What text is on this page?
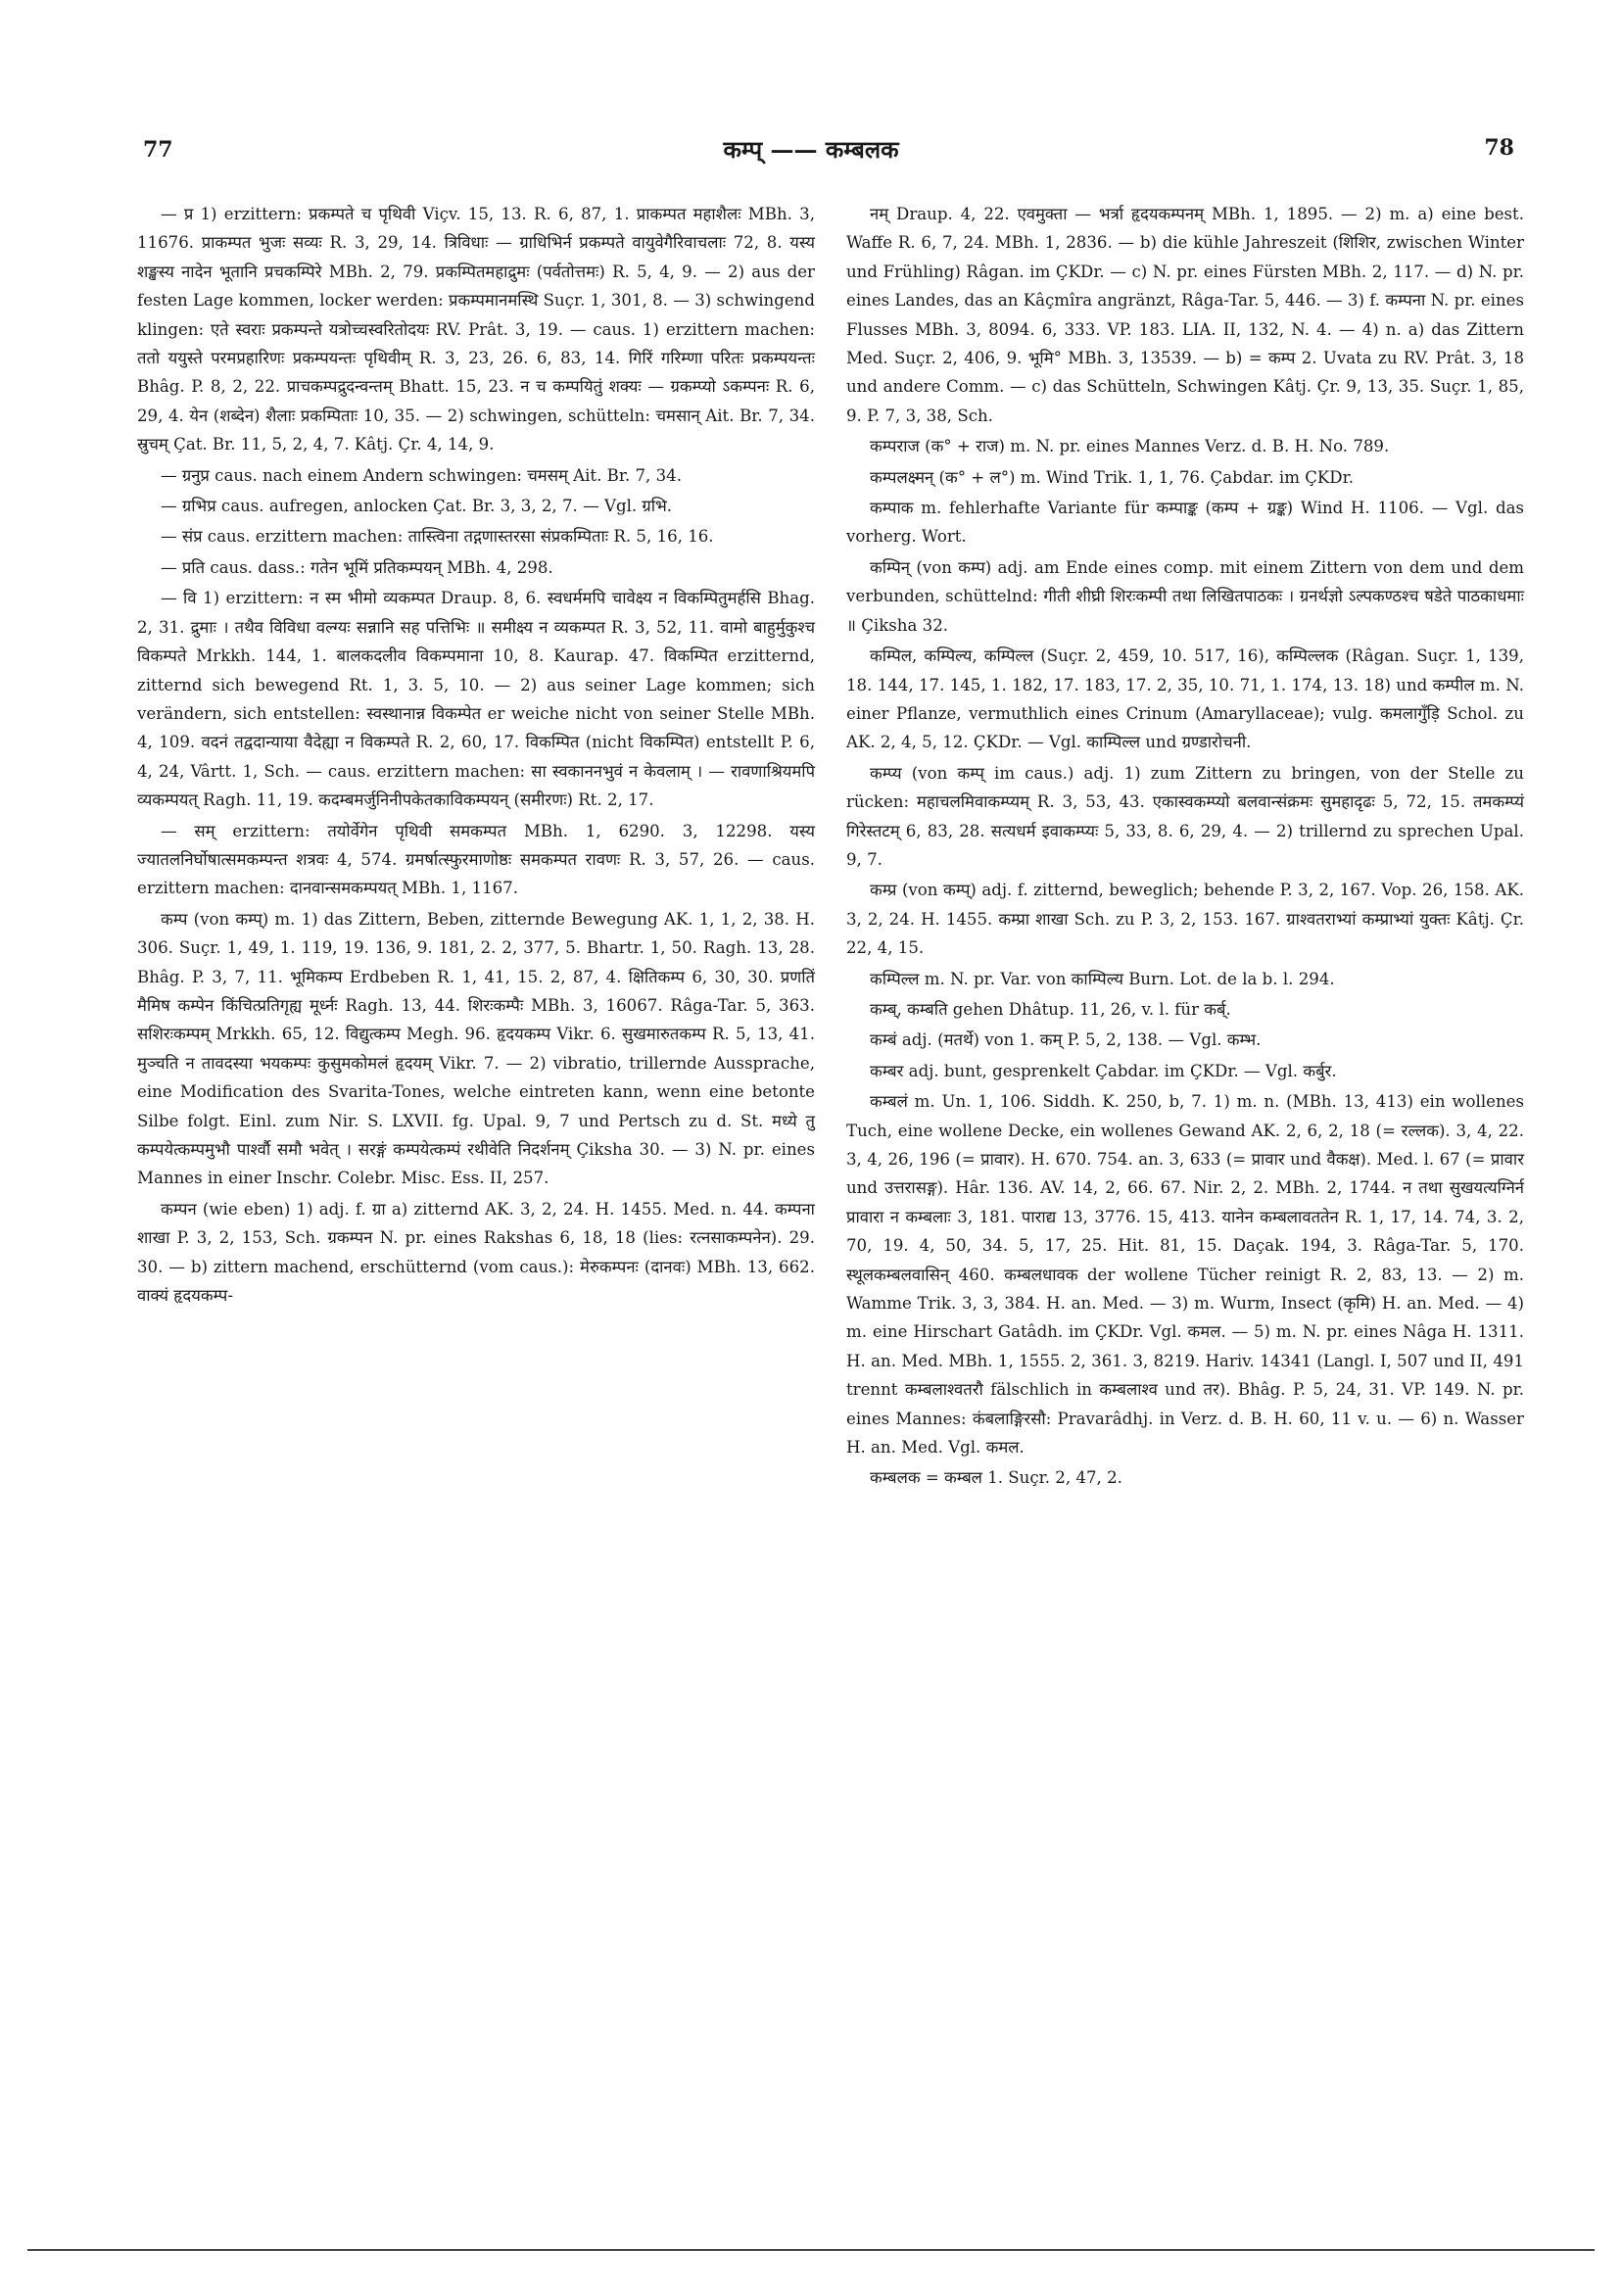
77	कम्प् —— कम्बलक	78

— प्र 1) erzittern: प्रकम्पते च पृथिवी Viçv. 15, 13. R. 6, 87, 1. प्राकम्पत महाशैलः MBh. 3, 11676. प्राकम्पत भुजः सव्यः R. 3, 29, 14. त्रिविधाः — ग्राधिभिर्न प्रकम्पते वायुवेगैरिवाचलाः 72, 8. यस्य शङ्खस्य नादेन भूतानि प्रचकम्पिरे MBh. 2, 79. प्रकम्पितमहाद्रुमः (पर्वतोत्तमः) R. 5, 4, 9. — 2) aus der festen Lage kommen, locker werden: प्रकम्पमानमस्थि Suçr. 1, 301, 8. — 3) schwingend klingen: एते स्वराः प्रकम्पन्ते यत्रोच्चस्वरितोदयः RV. Prât. 3, 19. — caus. 1) erzittern machen: ततो ययुस्ते परमप्रहारिणः प्रकम्पयन्तः पृथिवीम् R. 3, 23, 26. 6, 83, 14. गिरिं गरिम्णा परितः प्रकम्पयन्तः Bhâg. P. 8, 2, 22. प्राचकम्पद्रुदन्वन्तम् Bhatt. 15, 23. न च कम्पयितुं शक्यः — ग्रकम्प्यो ऽकम्पनः R. 6, 29, 4. येन (शब्देन) शैलाः प्रकम्पिताः 10, 35. — 2) schwingen, schütteln: चमसान् Ait. Br. 7, 34. स्रुचम् Çat. Br. 11, 5, 2, 4, 7. Kâtj. Çr. 4, 14, 9.

— ग्रनुप्र caus. nach einem Andern schwingen: चमसम् Ait. Br. 7, 34.

— ग्रभिप्र caus. aufregen, anlocken Çat. Br. 3, 3, 2, 7. — Vgl. ग्रभि.

— संप्र caus. erzittern machen: तास्त्विना तद्गणास्तरसा संप्रकम्पिताः R. 5, 16, 16.

— प्रति caus. dass.: गतेन भूमिं प्रतिकम्पयन् MBh. 4, 298.

— वि 1) erzittern: न स्म भीमो व्यकम्पत Draup. 8, 6. स्वधर्ममपि चावेक्ष्य न विकम्पितुमर्हसि Bhag. 2, 31. द्रुमाः । तथैव विविधा वल्ग्यः सन्नानि सह पत्तिभिः ॥ समीक्ष्य न व्यकम्पत R. 3, 52, 11. वामो बाहुर्मुकुश्च विकम्पते Mrkkh. 144, 1. बालकदलीव विकम्पमाना 10, 8. Kaurap. 47. विकम्पित erzitternd, zitternd sich bewegend Rt. 1, 3. 5, 10. — 2) aus seiner Lage kommen; sich verändern, sich entstellen: स्वस्थानान्न विकम्पेत er weiche nicht von seiner Stelle MBh. 4, 109. वदनं तद्वदान्याया वैदेह्या न विकम्पते R. 2, 60, 17. विकम्पित (nicht विकम्पित) entstellt P. 6, 4, 24, Vârtt. 1, Sch. — caus. erzittern machen: सा स्वकाननभुवं न केवलाम् । — रावणाश्रियमपि व्यकम्पयत् Ragh. 11, 19. कदम्बमर्जुनिनीपकेतकाविकम्पयन् (समीरणः) Rt. 2, 17.

— सम् erzittern: तयोर्वेगेन पृथिवी समकम्पत MBh. 1, 6290. 3, 12298. यस्य ज्यातलनिर्घोषात्समकम्पन्त शत्रवः 4, 574. ग्रमर्षात्स्फुरमाणोष्ठः समकम्पत रावणः R. 3, 57, 26. — caus. erzittern machen: दानवान्समकम्पयत् MBh. 1, 1167.

कम्प (von कम्प्) m. 1) das Zittern, Beben, zitternde Bewegung AK. 1, 1, 2, 38. H. 306. Suçr. 1, 49, 1. 119, 19. 136, 9. 181, 2. 2, 377, 5. Bhartr. 1, 50. Ragh. 13, 28. Bhâg. P. 3, 7, 11. भूमिकम्प Erdbeben R. 1, 41, 15. 2, 87, 4. क्षितिकम्प 6, 30, 30. प्रणतिं मैमिष कम्पेन किंचित्प्रतिगृह्य मूर्ध्नः Ragh. 13, 44. शिरःकम्पैः MBh. 3, 16067. Râga-Tar. 5, 363. सशिरःकम्पम् Mrkkh. 65, 12. विद्युत्कम्प Megh. 96. हृदयकम्प Vikr. 6. सुखमारुतकम्प R. 5, 13, 41. मुञ्चति न तावदस्या भयकम्पः कुसुमकोमलं हृदयम् Vikr. 7. — 2) vibratio, trillernde Aussprache, eine Modification des Svarita-Tones, welche eintreten kann, wenn eine betonte Silbe folgt. Einl. zum Nir. S. LXVII. fg. Upal. 9, 7 und Pertsch zu d. St. मध्ये तु कम्पयेत्कम्पमुभौ पार्श्वौ समौ भवेत् । सरङ्गं कम्पयेत्कम्पं रथीवेति निदर्शनम् Çiksha 30. — 3) N. pr. eines Mannes in einer Inschr. Colebr. Misc. Ess. II, 257.

कम्पन (wie eben) 1) adj. f. ग्रा a) zitternd AK. 3, 2, 24. H. 1455. Med. n. 44. कम्पना शाखा P. 3, 2, 153, Sch. ग्रकम्पन N. pr. eines Rakshas 6, 18, 18 (lies: रत्नसाकम्पनेन). 29. 30. — b) zittern machend, erschütternd (vom caus.): मेरुकम्पनः (दानवः) MBh. 13, 662. वाक्यं हृदयकम्प-

नम् Draup. 4, 22. एवमुक्ता — भर्त्रा हृदयकम्पनम् MBh. 1, 1895. — 2) m. a) eine best. Waffe R. 6, 7, 24. MBh. 1, 2836. — b) die kühle Jahreszeit (शिशिर, zwischen Winter und Frühling) Râgan. im ÇKDr. — c) N. pr. eines Fürsten MBh. 2, 117. — d) N. pr. eines Landes, das an Kâçmîra angränzt, Râga-Tar. 5, 446. — 3) f. कम्पना N. pr. eines Flusses MBh. 3, 8094. 6, 333. VP. 183. LIA. II, 132, N. 4. — 4) n. a) das Zittern Med. Suçr. 2, 406, 9. भूमि° MBh. 3, 13539. — b) = कम्प 2. Uvata zu RV. Prât. 3, 18 und andere Comm. — c) das Schütteln, Schwingen Kâtj. Çr. 9, 13, 35. Suçr. 1, 85, 9. P. 7, 3, 38, Sch.

कम्पराज (क° + राज) m. N. pr. eines Mannes Verz. d. B. H. No. 789.

कम्पलक्ष्मन् (क° + ल°) m. Wind Trik. 1, 1, 76. Çabdar. im ÇKDr.

कम्पाक m. fehlerhafte Variante für कम्पाङ्क (कम्प + ग्रङ्क) Wind H. 1106. — Vgl. das vorherg. Wort.

कम्पिन् (von कम्प) adj. am Ende eines comp. mit einem Zittern von dem und dem verbunden, schüttelnd: गीती शीघ्री शिरःकम्पी तथा लिखितपाठकः । ग्रनर्थज्ञो ऽल्पकण्ठश्च षडेते पाठकाधमाः ॥ Çiksha 32.

कम्पिल, कम्पिल्य, कम्पिल्ल (Suçr. 2, 459, 10. 517, 16), कम्पिल्लक (Râgan. Suçr. 1, 139, 18. 144, 17. 145, 1. 182, 17. 183, 17. 2, 35, 10. 71, 1. 174, 13. 18) und कम्पील m. N. einer Pflanze, vermuthlich eines Crinum (Amaryllaceae); vulg. कमलागुँड़ि Schol. zu AK. 2, 4, 5, 12. ÇKDr. — Vgl. काम्पिल्ल und ग्रण्डारोचनी.

कम्प्य (von कम्प् im caus.) adj. 1) zum Zittern zu bringen, von der Stelle zu rücken: महाचलमिवाकम्प्यम् R. 3, 53, 43. एकास्वकम्प्यो बलवान्संक्रमः सुमहादृढः 5, 72, 15. तमकम्प्यं गिरेस्तटम् 6, 83, 28. सत्यधर्म इवाकम्प्यः 5, 33, 8. 6, 29, 4. — 2) trillernd zu sprechen Upal. 9, 7.

कम्प्र (von कम्प्) adj. f. zitternd, beweglich; behende P. 3, 2, 167. Vop. 26, 158. AK. 3, 2, 24. H. 1455. कम्प्रा शाखा Sch. zu P. 3, 2, 153. 167. ग्राश्वतराभ्यां कम्प्राभ्यां युक्तः Kâtj. Çr. 22, 4, 15.

कम्पिल्ल m. N. pr. Var. von काम्पिल्य Burn. Lot. de la b. l. 294.

कम्ब्, कम्बति gehen Dhâtup. 11, 26, v. l. für कर्ब्.

कम्बं adj. (मतर्थे) von 1. कम् P. 5, 2, 138. — Vgl. कम्भ.

कम्बर adj. bunt, gesprenkelt Çabdar. im ÇKDr. — Vgl. कर्बुर.

कम्बलं m. Un. 1, 106. Siddh. K. 250, b, 7. 1) m. n. (MBh. 13, 413) ein wollenes Tuch, eine wollene Decke, ein wollenes Gewand AK. 2, 6, 2, 18 (= रल्लक). 3, 4, 22. 3, 4, 26, 196 (= प्रावार). H. 670. 754. an. 3, 633 (= प्रावार und वैकक्ष). Med. l. 67 (= प्रावार und उत्तरासङ्ग). Hâr. 136. AV. 14, 2, 66. 67. Nir. 2, 2. MBh. 2, 1744. न तथा सुखयत्यग्निर्न प्रावारा न कम्बलाः 3, 181. पाराद्य 13, 3776. 15, 413. यानेन कम्बलावततेन R. 1, 17, 14. 74, 3. 2, 70, 19. 4, 50, 34. 5, 17, 25. Hit. 81, 15. Daçak. 194, 3. Râga-Tar. 5, 170. स्थूलकम्बलवासिन् 460. कम्बलधावक der wollene Tücher reinigt R. 2, 83, 13. — 2) m. Wamme Trik. 3, 3, 384. H. an. Med. — 3) m. Wurm, Insect (कृमि) H. an. Med. — 4) m. eine Hirschart Gatâdh. im ÇKDr. Vgl. कमल. — 5) m. N. pr. eines Nâga H. 1311. H. an. Med. MBh. 1, 1555. 2, 361. 3, 8219. Hariv. 14341 (Langl. I, 507 und II, 491 trennt कम्बलाश्वतरौ fälschlich in कम्बलाश्व und तर). Bhâg. P. 5, 24, 31. VP. 149. N. pr. eines Mannes: कंबलाङ्गिरसौ: Pravarâdhj. in Verz. d. B. H. 60, 11 v. u. — 6) n. Wasser H. an. Med. Vgl. कमल.

कम्बलक = कम्बल 1. Suçr. 2, 47, 2.
